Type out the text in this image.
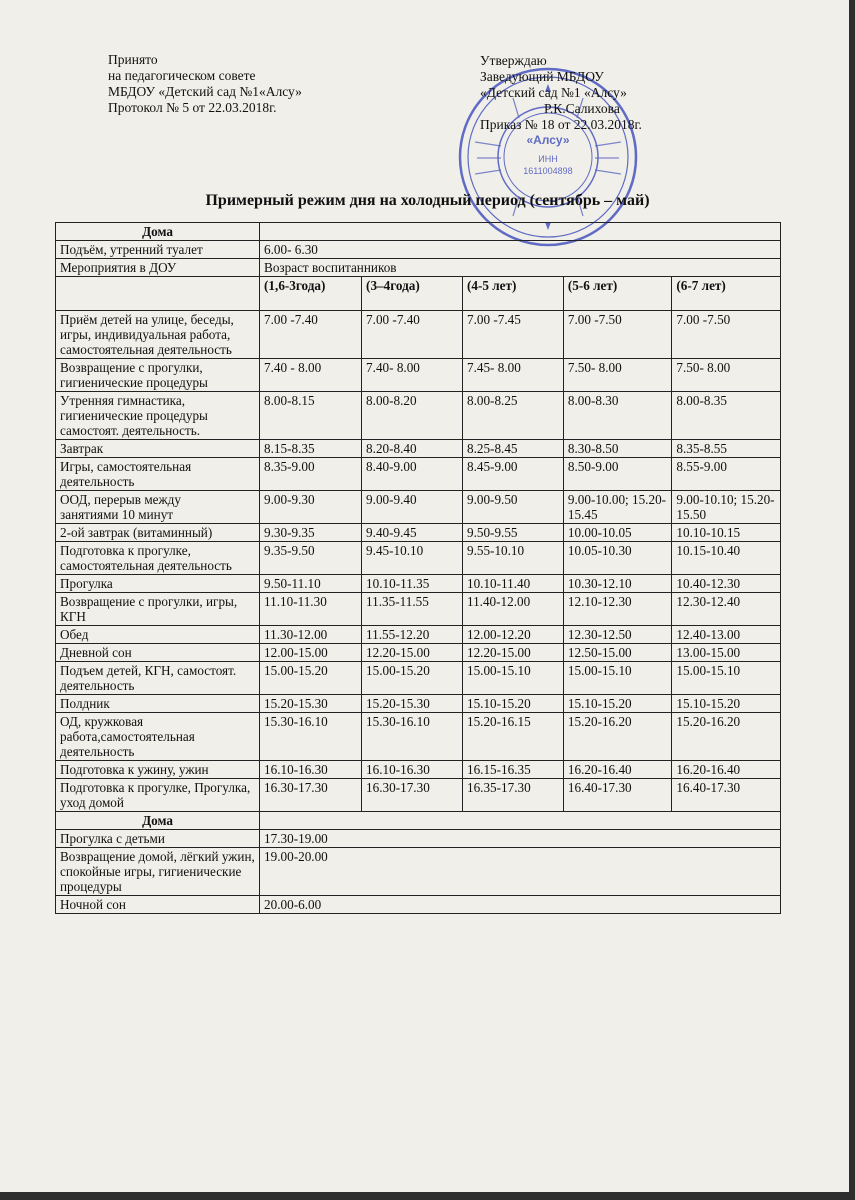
Принято
на педагогическом совете
МБДОУ «Детский сад №1«Алсу»
Протокол № 5 от 22.03.2018г.
«Алсу»
ИНН
1611004898
Утверждаю
Заведующий МБДОУ
«Детский сад №1 «Алсу»
Р.К.Салихова
Приказ № 18 от 22.03.2018г.
Примерный режим дня на холодный период (сентябрь – май)
Дома					
Подъём, утренний туалет	6.00- 6.30				
Мероприятия в ДОУ	Возраст воспитанников				
	(1,6-3года)	(3–4года)	(4-5 лет)	(5-6 лет)	(6-7 лет)
Приём детей на улице, беседы, игры, индивидуальная работа, самостоятельная деятельность	7.00 -7.40	7.00 -7.40	7.00 -7.45	7.00 -7.50	7.00 -7.50
Возвращение с прогулки, гигиенические процедуры	7.40 - 8.00	7.40- 8.00	7.45- 8.00	7.50- 8.00	7.50- 8.00

Утренняя гимнастика, гигиенические процедуры
самостоят. деятельность.	8.00-8.15	8.00-8.20	8.00-8.25	8.00-8.30	8.00-8.35
Завтрак	8.15-8.35	8.20-8.40	8.25-8.45	8.30-8.50	8.35-8.55

Игры, самостоятельная
деятельность	8.35-9.00	8.40-9.00	8.45-9.00	8.50-9.00	8.55-9.00

ООД, перерыв между
занятиями 10 минут	9.00-9.30	9.00-9.40	9.00-9.50	9.00-10.00; 15.20- 15.45	9.00-10.10; 15.20-15.50
2-ой завтрак (витаминный)	9.30-9.35	9.40-9.45	9.50-9.55	10.00-10.05	10.10-10.15

Подготовка к прогулке,
самостоятельная деятельность	9.35-9.50	9.45-10.10	9.55-10.10	10.05-10.30	10.15-10.40
Прогулка	9.50-11.10	10.10-11.35	10.10-11.40	10.30-12.10	10.40-12.30
Возвращение с прогулки, игры, КГН	11.10-11.30	11.35-11.55	11.40-12.00	12.10-12.30	12.30-12.40
Обед	11.30-12.00	11.55-12.20	12.00-12.20	12.30-12.50	12.40-13.00
Дневной сон	12.00-15.00	12.20-15.00	12.20-15.00	12.50-15.00	13.00-15.00
Подъем детей, КГН, самостоят. деятельность	15.00-15.20	15.00-15.20	15.00-15.10	15.00-15.10	15.00-15.10
Полдник	15.20-15.30	15.20-15.30	15.10-15.20	15.10-15.20	15.10-15.20
ОД, кружковая работа,самостоятельная деятельность	15.30-16.10	15.30-16.10	15.20-16.15	15.20-16.20	15.20-16.20
Подготовка к ужину, ужин	16.10-16.30	16.10-16.30	16.15-16.35	16.20-16.40	16.20-16.40
Подготовка к прогулке, Прогулка, уход домой	16.30-17.30	16.30-17.30	16.35-17.30	16.40-17.30	16.40-17.30
Дома					
Прогулка с детьми	17.30-19.00				
Возвращение домой, лёгкий ужин, спокойные игры, гигиенические процедуры	19.00-20.00				
Ночной сон	20.00-6.00				
